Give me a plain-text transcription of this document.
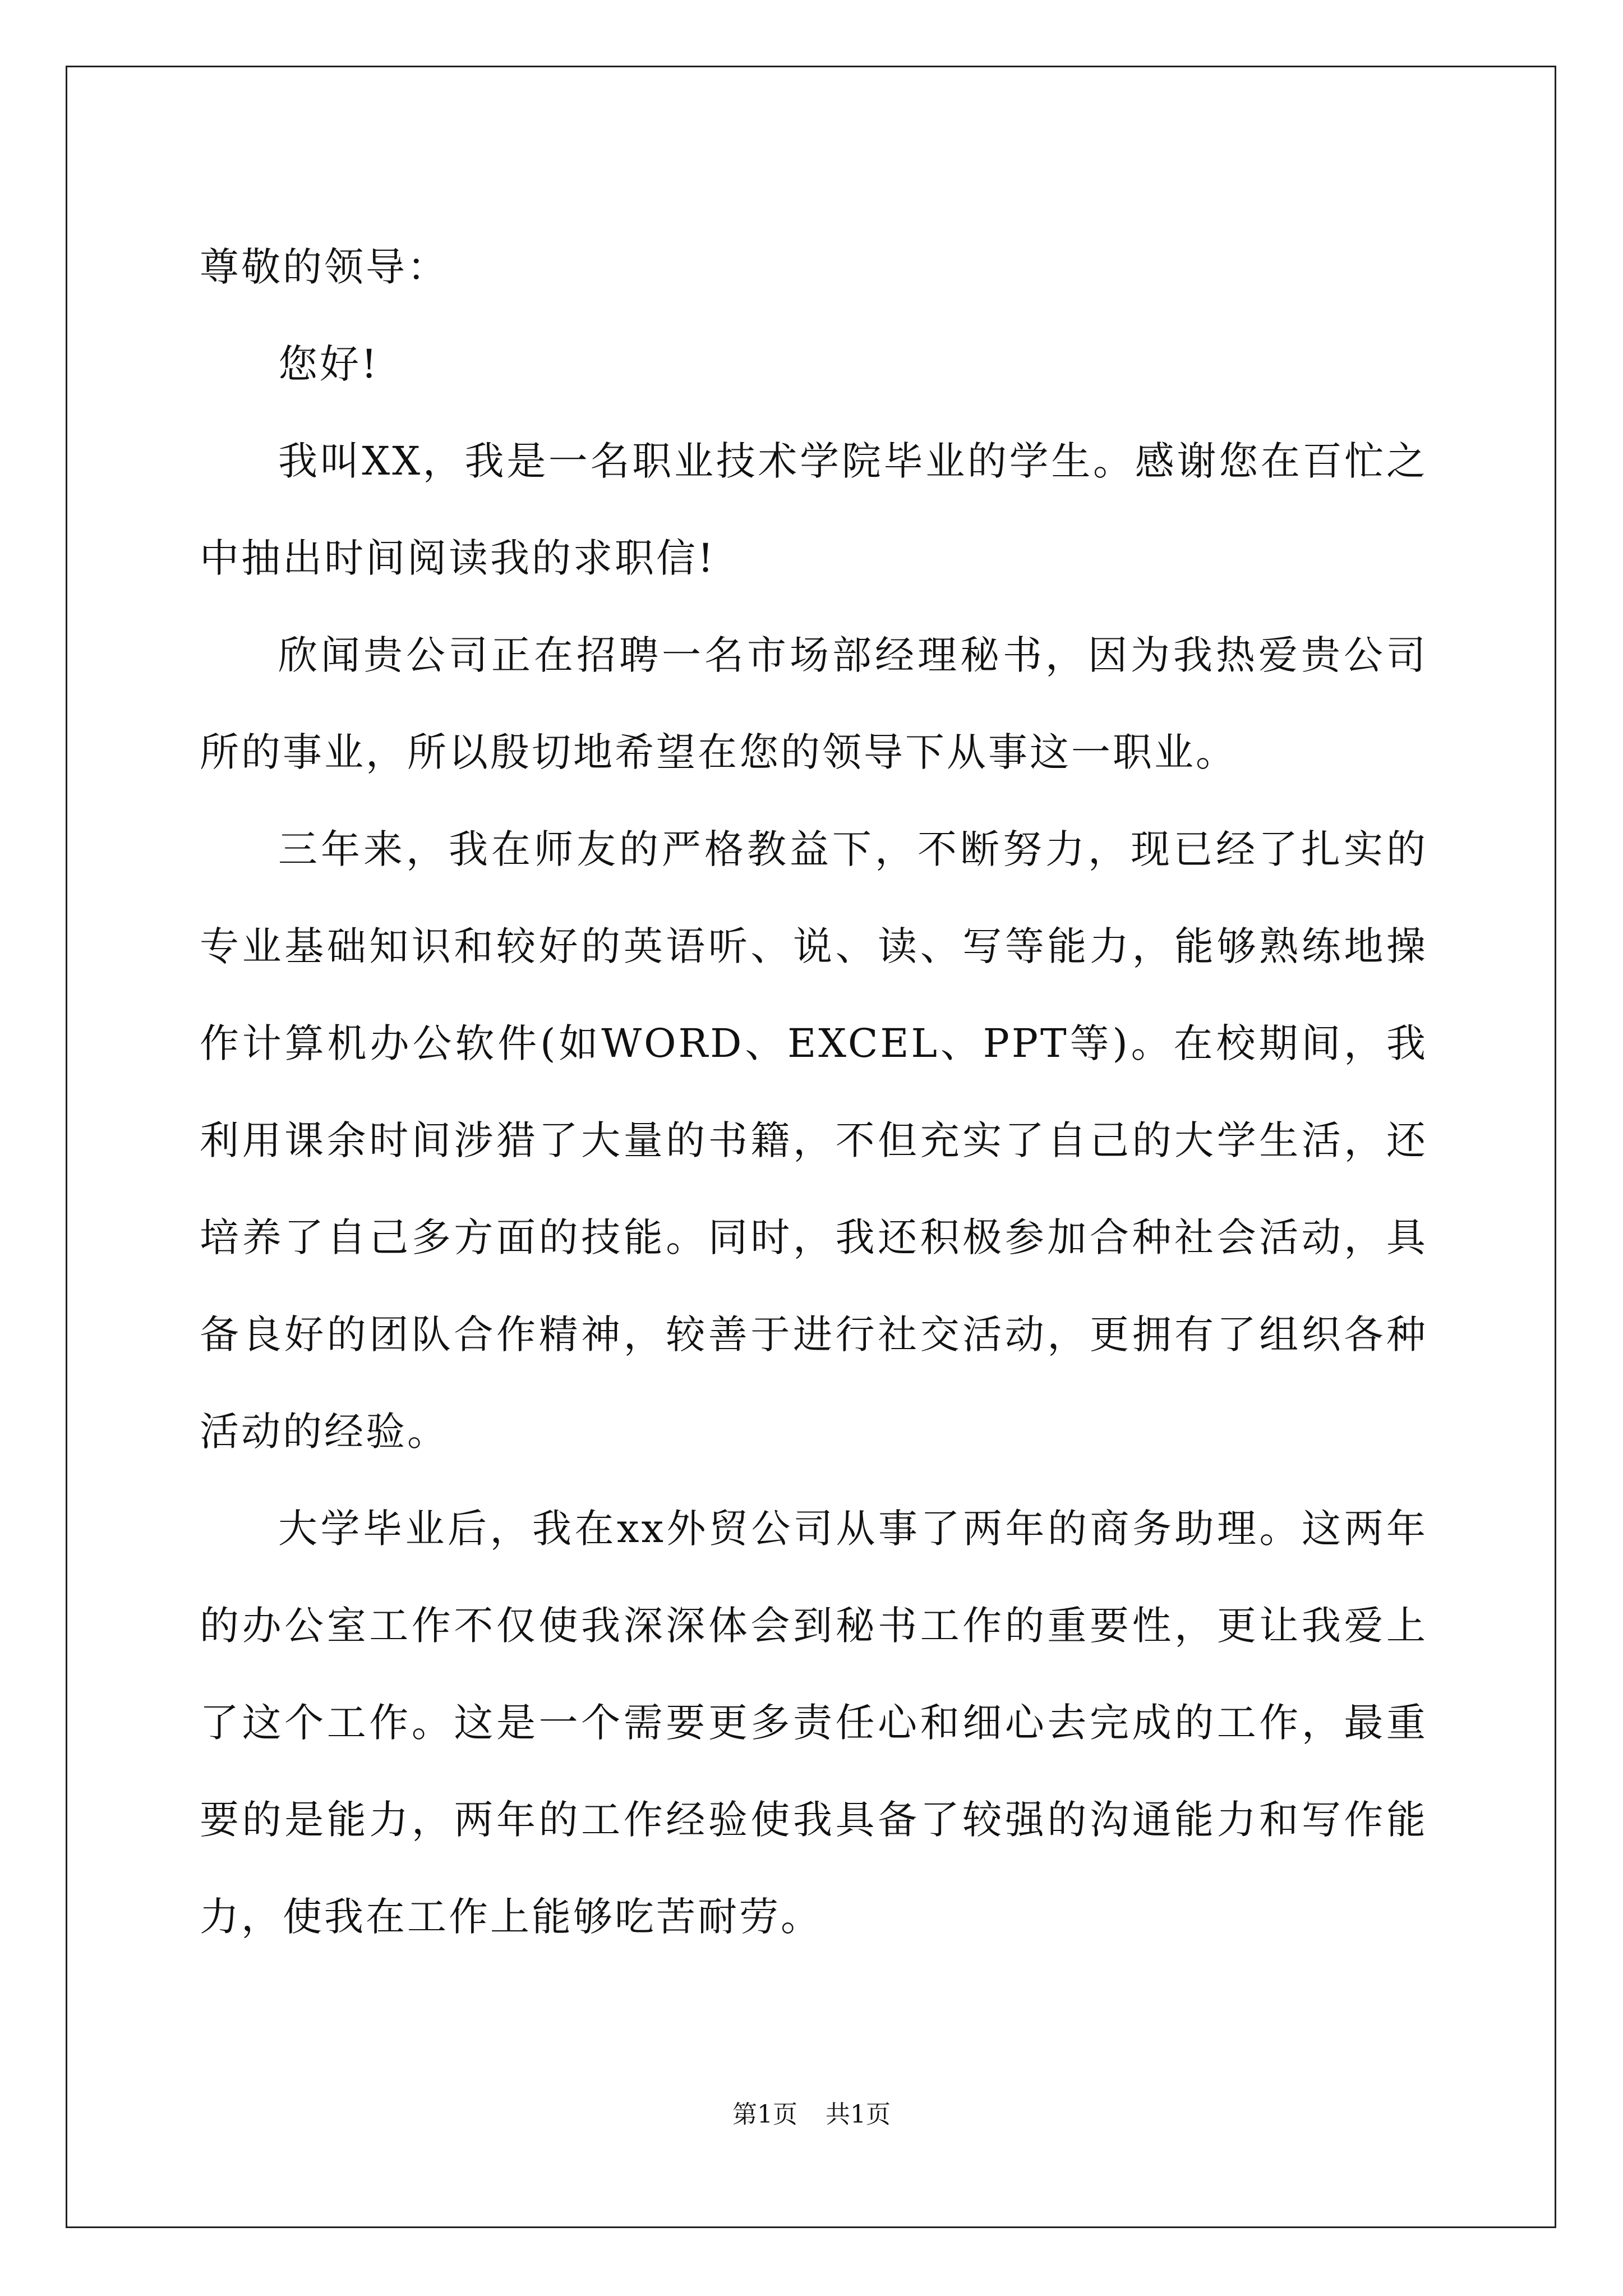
尊敬的领导：

您好!

我叫XX，我是一名职业技术学院毕业的学生。感谢您在百忙之中抽出时间阅读我的求职信!

欣闻贵公司正在招聘一名市场部经理秘书，因为我热爱贵公司所的事业，所以殷切地希望在您的领导下从事这一职业。

三年来，我在师友的严格教益下，不断努力，现已经了扎实的专业基础知识和较好的英语听、说、读、写等能力，能够熟练地操作计算机办公软件(如WORD、EXCEL、PPT等)。在校期间，我利用课余时间涉猎了大量的书籍，不但充实了自己的大学生活，还培养了自己多方面的技能。同时，我还积极参加合种社会活动，具备良好的团队合作精神，较善于进行社交活动，更拥有了组织各种活动的经验。

大学毕业后，我在xx外贸公司从事了两年的商务助理。这两年的办公室工作不仅使我深深体会到秘书工作的重要性，更让我爱上了这个工作。这是一个需要更多责任心和细心去完成的工作，最重要的是能力，两年的工作经验使我具备了较强的沟通能力和写作能力，使我在工作上能够吃苦耐劳。

第1页 共1页
